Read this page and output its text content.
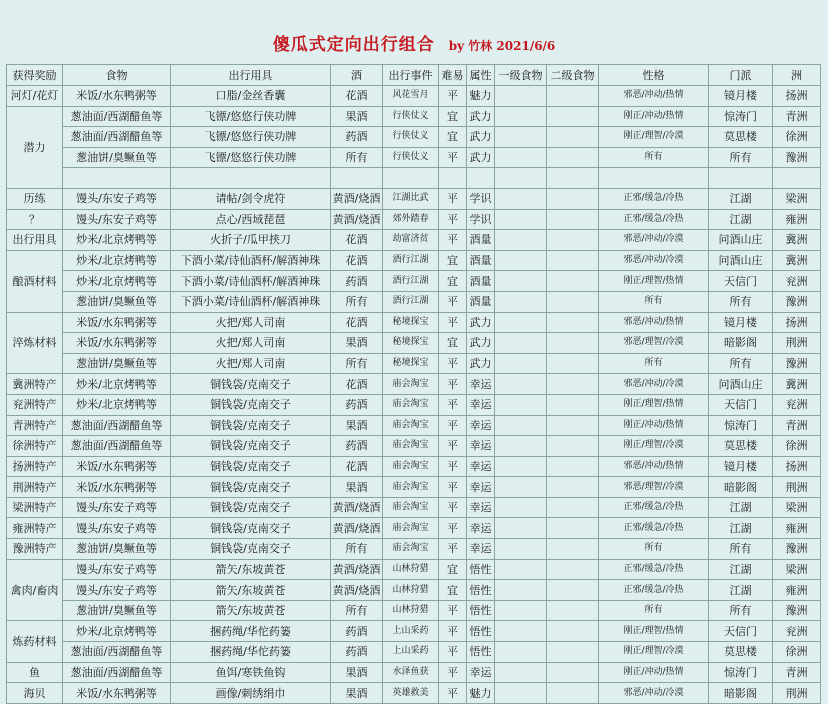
傻瓜式定向出行组合 by 竹林 2021/6/6
获得奖励	食物	出行用具	酒	出行事件	难易	属性	一级食物	二级食物	性格	门派	洲
河灯/花灯	米饭/水东鸭粥等	口脂/金丝香囊	花酒	风花雪月	平	魅力			邪恶/冲动/热情	镜月楼	扬洲
潜力	葱油面/西湖醋鱼等	飞镖/悠悠行侠功牌	果酒	行侠仗义	宜	武力			刚正/冲动/热情	惊涛门	青洲
	葱油面/西湖醋鱼等	飞镖/悠悠行侠功牌	药酒	行侠仗义	宜	武力			刚正/理智/冷漠	莫思楼	徐洲
	葱油饼/臭鳜鱼等	飞镖/悠悠行侠功牌	所有	行侠仗义	平	武力			所有	所有	豫洲

历练	馒头/东安子鸡等	请帖/剑令虎符	黄酒/烧酒	江湖比武	平	学识			正邪/缓急/冷热	江湖	梁洲
？	馒头/东安子鸡等	点心/西域琵琶	黄酒/烧酒	郊外踏春	平	学识			正邪/缓急/冷热	江湖	雍洲
出行用具	炒米/北京烤鸭等	火折子/瓜甲挟刀	花酒	劫富济贫	平	酒量			邪恶/冲动/冷漠	问酒山庄	冀洲
酿酒材料	炒米/北京烤鸭等	下酒小菜/诗仙酒杯/解酒神珠	花酒	酒行江湖	宜	酒量			邪恶/冲动/冷漠	问酒山庄	冀洲
	炒米/北京烤鸭等	下酒小菜/诗仙酒杯/解酒神珠	药酒	酒行江湖	宜	酒量			刚正/理智/热情	天信门	兖洲
	葱油饼/臭鳜鱼等	下酒小菜/诗仙酒杯/解酒神珠	所有	酒行江湖	平	酒量			所有	所有	豫洲
淬炼材料	米饭/水东鸭粥等	火把/郑人司南	花酒	秘境探宝	平	武力			邪恶/冲动/热情	镜月楼	扬洲
	米饭/水东鸭粥等	火把/郑人司南	果酒	秘境探宝	宜	武力			邪恶/理智/冷漠	暗影阁	荆洲
	葱油饼/臭鳜鱼等	火把/郑人司南	所有	秘境探宝	平	武力			所有	所有	豫洲
冀洲特产	炒米/北京烤鸭等	铜钱袋/克南交子	花酒	庙会淘宝	平	幸运			邪恶/冲动/冷漠	问酒山庄	冀洲
兖洲特产	炒米/北京烤鸭等	铜钱袋/克南交子	药酒	庙会淘宝	平	幸运			刚正/理智/热情	天信门	兖洲
青洲特产	葱油面/西湖醋鱼等	铜钱袋/克南交子	果酒	庙会淘宝	平	幸运			刚正/冲动/热情	惊涛门	青洲
徐洲特产	葱油面/西湖醋鱼等	铜钱袋/克南交子	药酒	庙会淘宝	平	幸运			刚正/理智/冷漠	莫思楼	徐洲
扬洲特产	米饭/水东鸭粥等	铜钱袋/克南交子	花酒	庙会淘宝	平	幸运			邪恶/冲动/热情	镜月楼	扬洲
荆洲特产	米饭/水东鸭粥等	铜钱袋/克南交子	果酒	庙会淘宝	平	幸运			邪恶/理智/冷漠	暗影阁	荆洲
梁洲特产	馒头/东安子鸡等	铜钱袋/克南交子	黄酒/烧酒	庙会淘宝	平	幸运			正邪/缓急/冷热	江湖	梁洲
雍洲特产	馒头/东安子鸡等	铜钱袋/克南交子	黄酒/烧酒	庙会淘宝	平	幸运			正邪/缓急/冷热	江湖	雍洲
豫洲特产	葱油饼/臭鳜鱼等	铜钱袋/克南交子	所有	庙会淘宝	平	幸运			所有	所有	豫洲
禽肉/畜肉	馒头/东安子鸡等	箭矢/东坡黄苍	黄酒/烧酒	山林狩猎	宜	悟性			正邪/缓急/冷热	江湖	梁洲
	馒头/东安子鸡等	箭矢/东坡黄苍	黄酒/烧酒	山林狩猎	宜	悟性			正邪/缓急/冷热	江湖	雍洲
	葱油饼/臭鳜鱼等	箭矢/东坡黄苍	所有	山林狩猎	平	悟性			所有	所有	豫洲
炼药材料	炒米/北京烤鸭等	捆药绳/华佗药篓	药酒	上山采药	平	悟性			刚正/理智/热情	天信门	兖洲
	葱油面/西湖醋鱼等	捆药绳/华佗药篓	药酒	上山采药	平	悟性			刚正/理智/冷漠	莫思楼	徐洲
鱼	葱油面/西湖醋鱼等	鱼饵/寒铁鱼钩	果酒	水泽鱼获	平	幸运			刚正/冲动/热情	惊涛门	青洲
海贝	米饭/水东鸭粥等	画像/刺绣绢巾	果酒	英雄救美	平	魅力			邪恶/冲动/冷漠	暗影阁	荆洲
